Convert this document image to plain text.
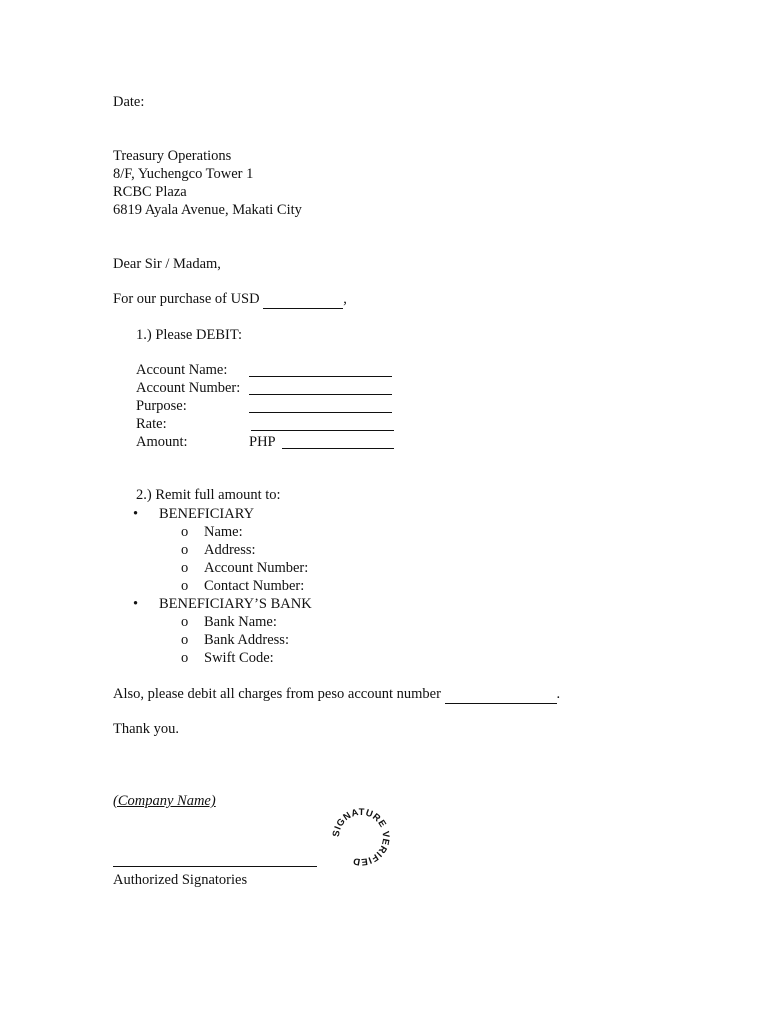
Date:
Treasury Operations
8/F, Yuchengco Tower 1
RCBC Plaza
6819 Ayala Avenue, Makati City
Dear Sir / Madam,
For our purchase of USD	,
1.) Please DEBIT:
Account Name:
Account Number:
Purpose:
Rate:
Amount:	PHP
2.) Remit full amount to:
• BENEFICIARY
o Name:
o Address:
o Account Number:
o Contact Number:
• BENEFICIARY’S BANK
o Bank Name:
o Bank Address:
o Swift Code:
Also, please debit all charges from peso account number	.
Thank you.
(Company Name)
Authorized Signatories
SIGNATURE VERIFIED
